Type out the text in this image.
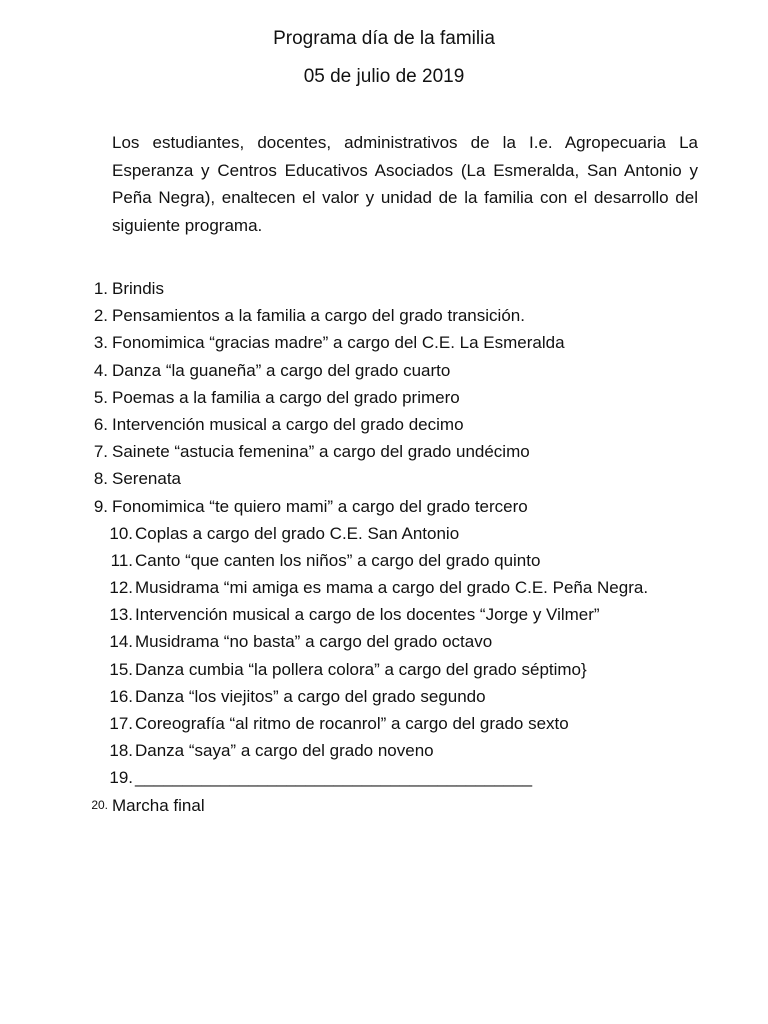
Programa día de la familia
05 de julio de 2019

Los estudiantes, docentes, administrativos de la I.e. Agropecuaria La Esperanza y Centros Educativos Asociados (La Esmeralda, San Antonio y Peña Negra), enaltecen el valor y unidad de la familia con el desarrollo del siguiente programa.

1. Brindis
2. Pensamientos a la familia a cargo del grado transición.
3. Fonomimica “gracias madre” a cargo del C.E. La Esmeralda
4. Danza “la guaneña” a cargo del grado cuarto
5. Poemas a la familia a cargo del grado primero
6. Intervención musical a cargo del grado decimo
7. Sainete “astucia femenina” a cargo del grado undécimo
8. Serenata
9. Fonomimica “te quiero mami” a cargo del grado tercero
10. Coplas a cargo del grado C.E. San Antonio
11. Canto “que canten los niños” a cargo del grado quinto
12. Musidrama “mi amiga es mama a cargo del grado C.E. Peña Negra.
13. Intervención musical a cargo de los docentes “Jorge y Vilmer”
14. Musidrama “no basta” a cargo del grado octavo
15. Danza cumbia “la pollera colora” a cargo del grado séptimo}
16. Danza “los viejitos” a cargo del grado segundo
17. Coreografía “al ritmo de rocanrol” a cargo del grado sexto
18. Danza “saya” a cargo del grado noveno
19. __________________________________________
20. Marcha final
